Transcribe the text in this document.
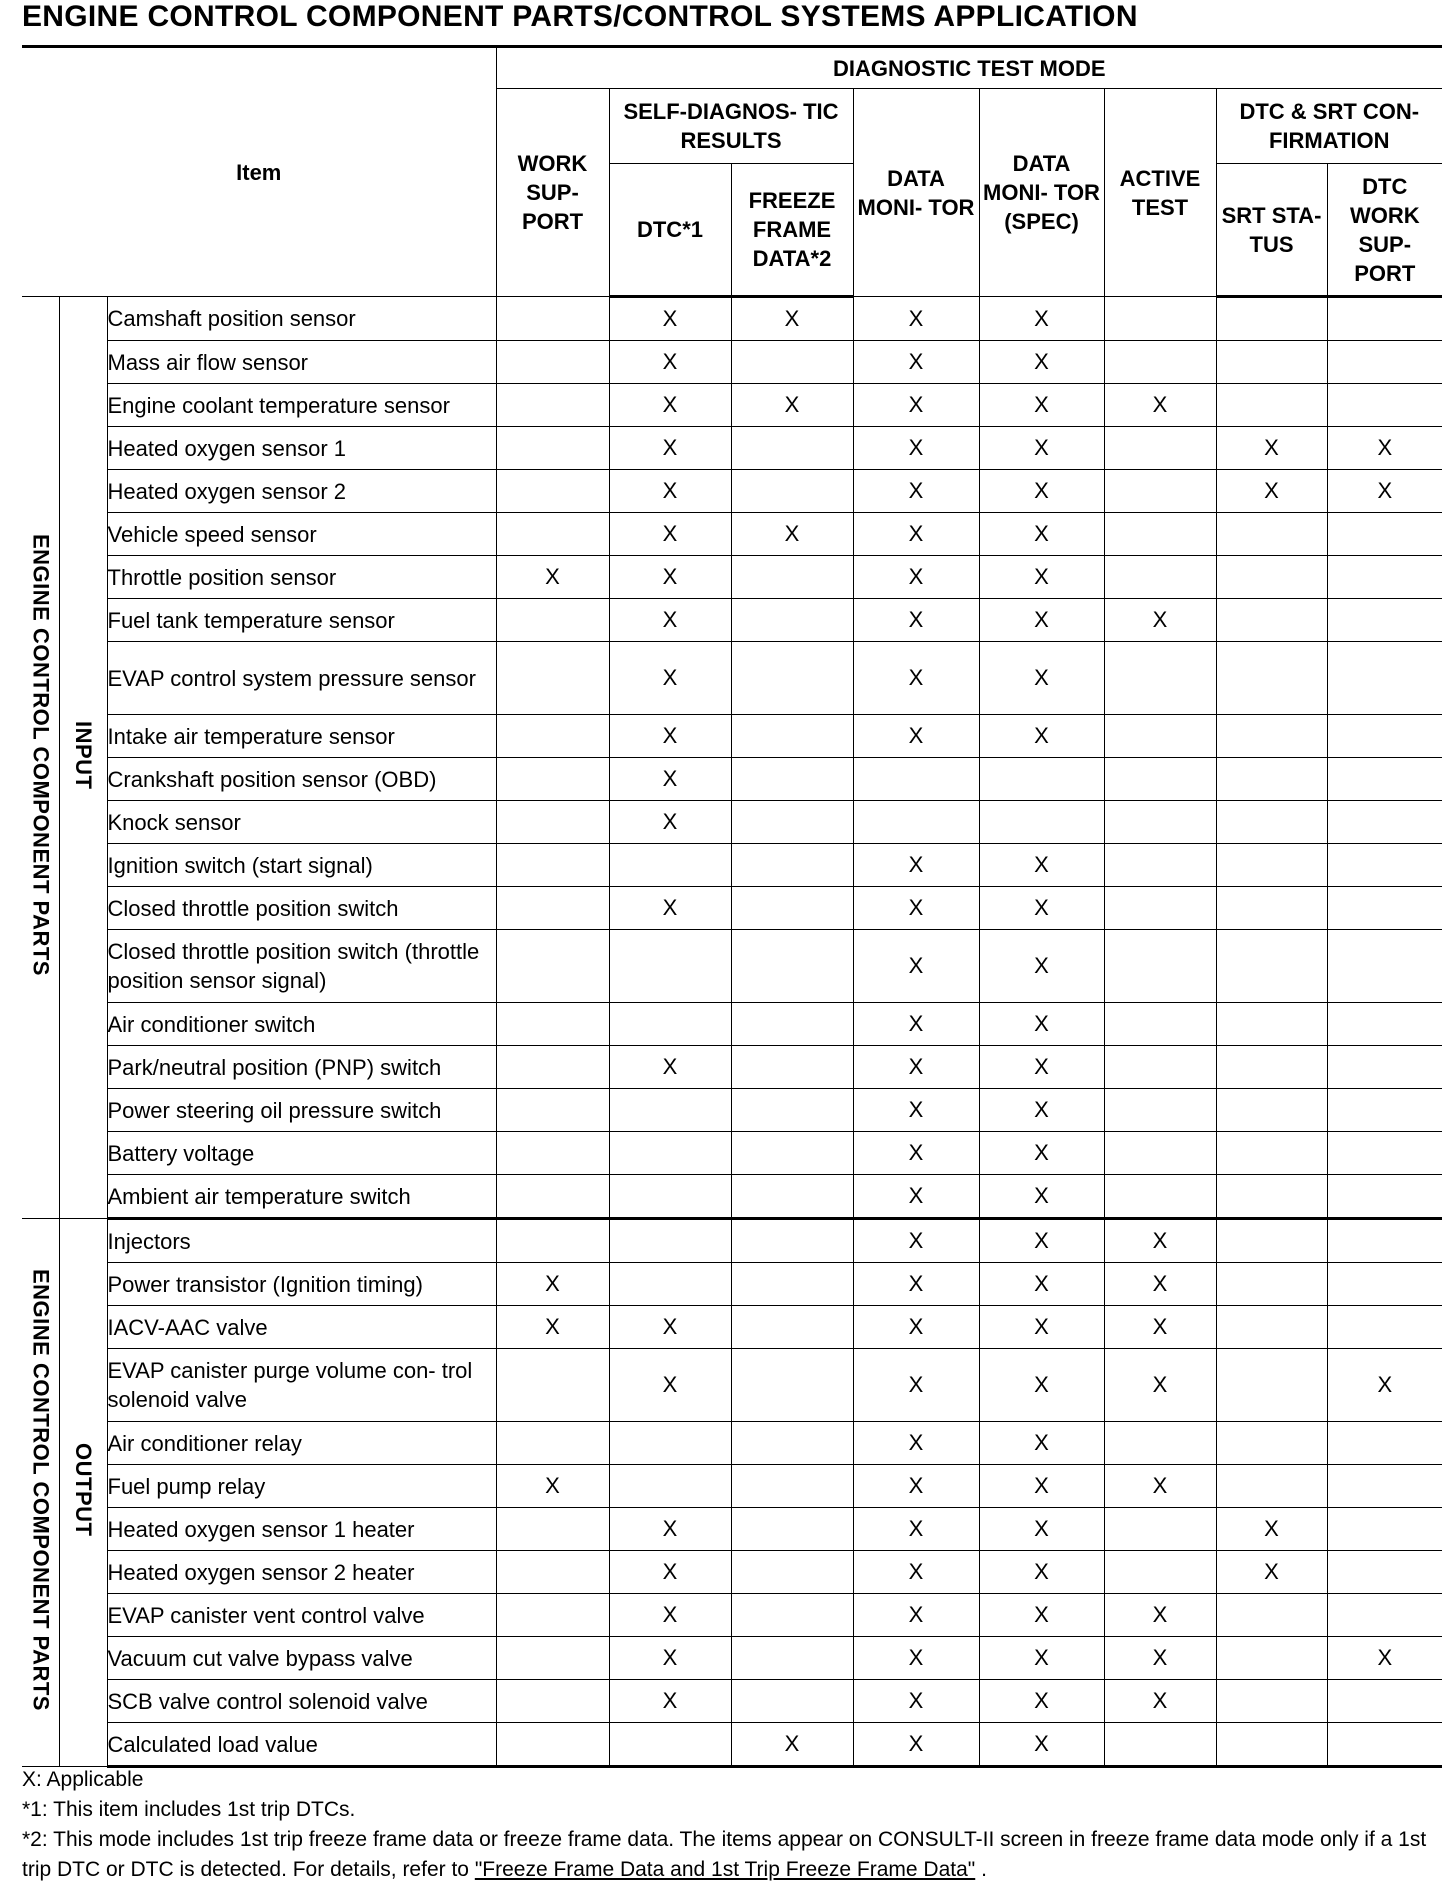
ENGINE CONTROL COMPONENT PARTS/CONTROL SYSTEMS APPLICATION
Item			DIAGNOSTIC TEST MODE							
			WORK SUP- PORT	SELF-DIAGNOS- TIC RESULTS		DATA MONI- TOR	DATA MONI- TOR (SPEC)	ACTIVE TEST	DTC & SRT CON- FIRMATION	
				DTC*1	FREEZE FRAME DATA*2				SRT STA- TUS	DTC WORK SUP- PORT
ENGINE CONTROL COMPONENT PARTS	INPUT	Camshaft position sensor		X	X	X	X			
		Mass air flow sensor		X		X	X			
		Engine coolant temperature sensor		X	X	X	X	X		
		Heated oxygen sensor 1		X		X	X		X	X
		Heated oxygen sensor 2		X		X	X		X	X
		Vehicle speed sensor		X	X	X	X			
		Throttle position sensor	X	X		X	X			
		Fuel tank temperature sensor		X		X	X	X		
		EVAP control system pressure sensor		X		X	X			
		Intake air temperature sensor		X		X	X			
		Crankshaft position sensor (OBD)		X						
		Knock sensor		X						
		Ignition switch (start signal)				X	X			
		Closed throttle position switch		X		X	X			
		Closed throttle position switch (throttle position sensor signal)				X	X			
		Air conditioner switch				X	X			
		Park/neutral position (PNP) switch		X		X	X			
		Power steering oil pressure switch				X	X			
		Battery voltage				X	X			
		Ambient air temperature switch				X	X			
ENGINE CONTROL COMPONENT PARTS	OUTPUT	Injectors				X	X	X		
		Power transistor (Ignition timing)	X			X	X	X		
		IACV-AAC valve	X	X		X	X	X		
		EVAP canister purge volume con- trol solenoid valve		X		X	X	X		X
		Air conditioner relay				X	X			
		Fuel pump relay	X			X	X	X		
		Heated oxygen sensor 1 heater		X		X	X		X	
		Heated oxygen sensor 2 heater		X		X	X		X	
		EVAP canister vent control valve		X		X	X	X		
		Vacuum cut valve bypass valve		X		X	X	X		X
		SCB valve control solenoid valve		X		X	X	X		
		Calculated load value			X	X	X			
X: Applicable
*1: This item includes 1st trip DTCs.
*2: This mode includes 1st trip freeze frame data or freeze frame data. The items appear on CONSULT-II screen in freeze frame data mode only if a 1st trip DTC or DTC is detected. For details, refer to "Freeze Frame Data and 1st Trip Freeze Frame Data" .
